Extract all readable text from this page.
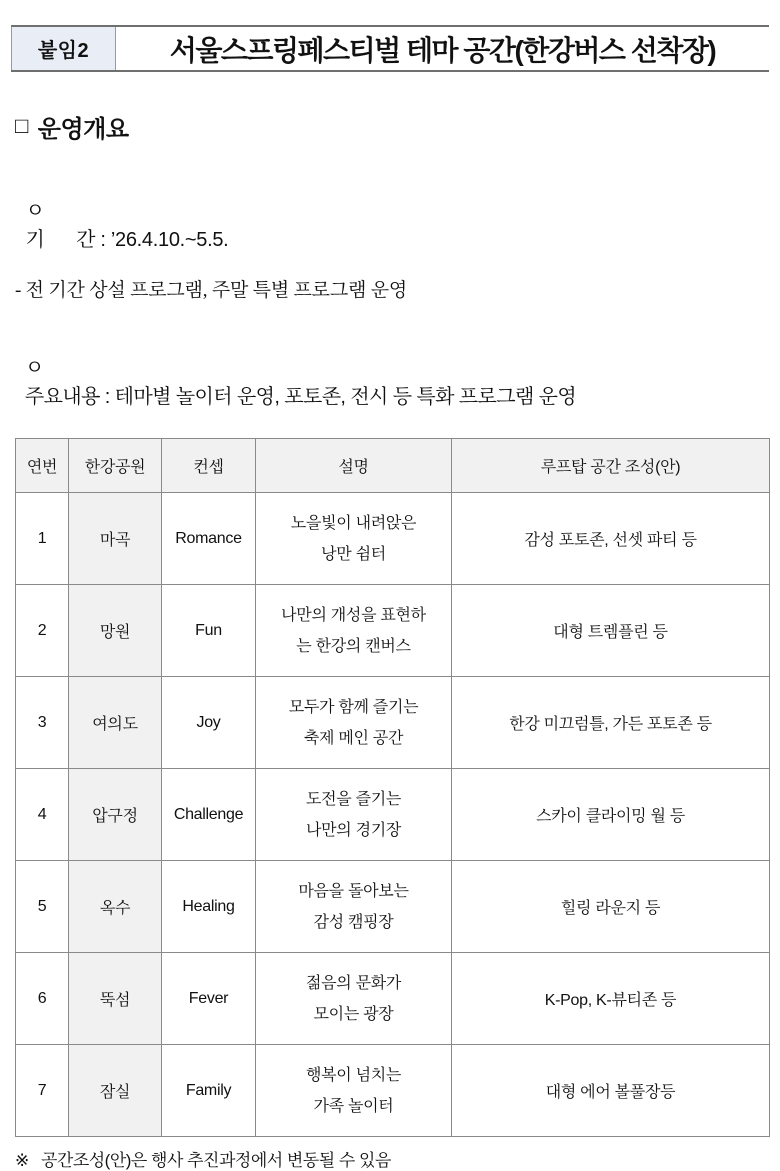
붙임2	서울스프링페스티벌 테마 공간(한강버스 선착장)
□ 운영개요

ㅇ
기      간 : ’26.4.10.~5.5.

- 전 기간 상설 프로그램, 주말 특별 프로그램 운영

ㅇ
주요내용 : 테마별 놀이터 운영, 포토존, 전시 등 특화 프로그램 운영

연번	한강공원	컨셉	설명	루프탑 공간 조성(안)
1	마곡	Romance	노을빛이 내려앉은
낭만 쉼터	감성 포토존, 선셋 파티 등
2	망원	Fun	나만의 개성을 표현하
는 한강의 캔버스	대형 트렘플린 등
3	여의도	Joy	모두가 함께 즐기는
축제 메인 공간	한강 미끄럼틀, 가든 포토존 등
4	압구정	Challenge	도전을 즐기는
나만의 경기장	스카이 클라이밍 월 등
5	옥수	Healing	마음을 돌아보는
감성 캠핑장	힐링 라운지 등
6	뚝섬	Fever	젊음의 문화가
모이는 광장	K-Pop, K-뷰티존 등
7	잠실	Family	행복이 넘치는
가족 놀이터	대형 에어 볼풀장등
※ 공간조성(안)은 행사 추진과정에서 변동될 수 있음
